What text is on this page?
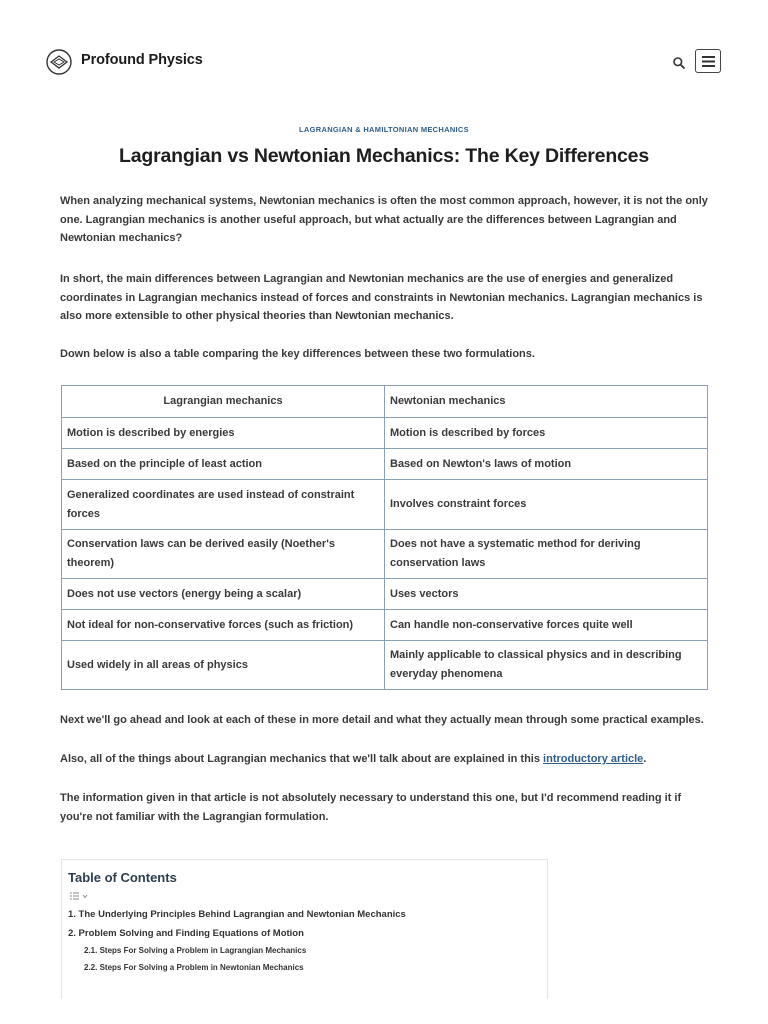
Profound Physics
LAGRANGIAN & HAMILTONIAN MECHANICS
Lagrangian vs Newtonian Mechanics: The Key Differences

When analyzing mechanical systems, Newtonian mechanics is often the most common approach, however, it is not the only one. Lagrangian mechanics is another useful approach, but what actually are the differences between Lagrangian and Newtonian mechanics?

In short, the main differences between Lagrangian and Newtonian mechanics are the use of energies and generalized coordinates in Lagrangian mechanics instead of forces and constraints in Newtonian mechanics. Lagrangian mechanics is also more extensible to other physical theories than Newtonian mechanics.

Down below is also a table comparing the key differences between these two formulations.

Lagrangian mechanics	Newtonian mechanics
Motion is described by energies	Motion is described by forces
Based on the principle of least action	Based on Newton's laws of motion
Generalized coordinates are used instead of constraint forces	Involves constraint forces
Conservation laws can be derived easily (Noether's theorem)	Does not have a systematic method for deriving conservation laws
Does not use vectors (energy being a scalar)	Uses vectors
Not ideal for non-conservative forces (such as friction)	Can handle non-conservative forces quite well
Used widely in all areas of physics	Mainly applicable to classical physics and in describing everyday phenomena

Next we'll go ahead and look at each of these in more detail and what they actually mean through some practical examples.

Also, all of the things about Lagrangian mechanics that we'll talk about are explained in this introductory article.

The information given in that article is not absolutely necessary to understand this one, but I'd recommend reading it if you're not familiar with the Lagrangian formulation.

Table of Contents
1. The Underlying Principles Behind Lagrangian and Newtonian Mechanics
2. Problem Solving and Finding Equations of Motion
2.1. Steps For Solving a Problem in Lagrangian Mechanics
2.2. Steps For Solving a Problem in Newtonian Mechanics
